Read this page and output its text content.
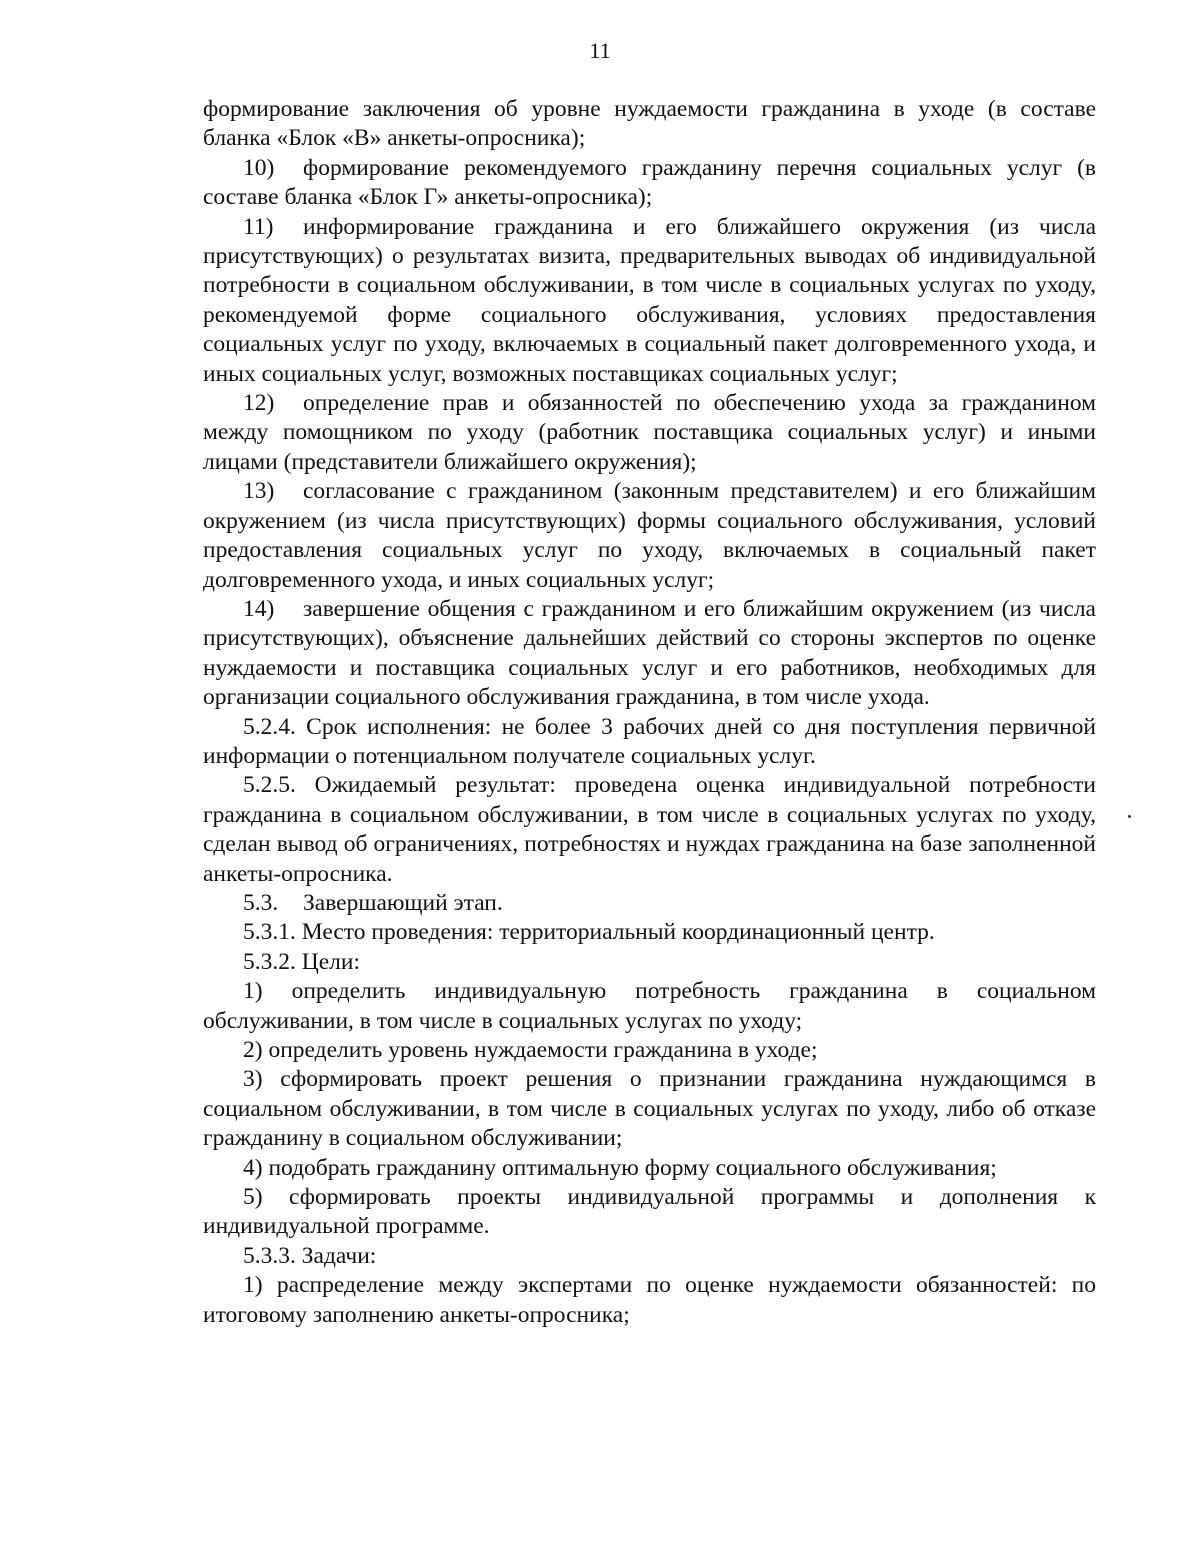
11

формирование заключения об уровне нуждаемости гражданина в уходе (в составе бланка «Блок «В» анкеты-опросника);

10) формирование рекомендуемого гражданину перечня социальных услуг (в составе бланка «Блок Г» анкеты-опросника);

11) информирование гражданина и его ближайшего окружения (из числа присутствующих) о результатах визита, предварительных выводах об индивидуальной потребности в социальном обслуживании, в том числе в социальных услугах по уходу, рекомендуемой форме социального обслуживания, условиях предоставления социальных услуг по уходу, включаемых в социальный пакет долговременного ухода, и иных социальных услуг, возможных поставщиках социальных услуг;

12) определение прав и обязанностей по обеспечению ухода за гражданином между помощником по уходу (работник поставщика социальных услуг) и иными лицами (представители ближайшего окружения);

13) согласование с гражданином (законным представителем) и его ближайшим окружением (из числа присутствующих) формы социального обслуживания, условий предоставления социальных услуг по уходу, включаемых в социальный пакет долговременного ухода, и иных социальных услуг;

14) завершение общения с гражданином и его ближайшим окружением (из числа присутствующих), объяснение дальнейших действий со стороны экспертов по оценке нуждаемости и поставщика социальных услуг и его работников, необходимых для организации социального обслуживания гражданина, в том числе ухода.

5.2.4. Срок исполнения: не более 3 рабочих дней со дня поступления первичной информации о потенциальном получателе социальных услуг.

5.2.5. Ожидаемый результат: проведена оценка индивидуальной потребности гражданина в социальном обслуживании, в том числе в социальных услугах по уходу, сделан вывод об ограничениях, потребностях и нуждах гражданина на базе заполненной анкеты-опросника.

5.3. Завершающий этап.

5.3.1. Место проведения: территориальный координационный центр.

5.3.2. Цели:

1) определить индивидуальную потребность гражданина в социальном обслуживании, в том числе в социальных услугах по уходу;

2) определить уровень нуждаемости гражданина в уходе;

3) сформировать проект решения о признании гражданина нуждающимся в социальном обслуживании, в том числе в социальных услугах по уходу, либо об отказе гражданину в социальном обслуживании;

4) подобрать гражданину оптимальную форму социального обслуживания;

5) сформировать проекты индивидуальной программы и дополнения к индивидуальной программе.

5.3.3. Задачи:

1) распределение между экспертами по оценке нуждаемости обязанностей: по итоговому заполнению анкеты-опросника;
